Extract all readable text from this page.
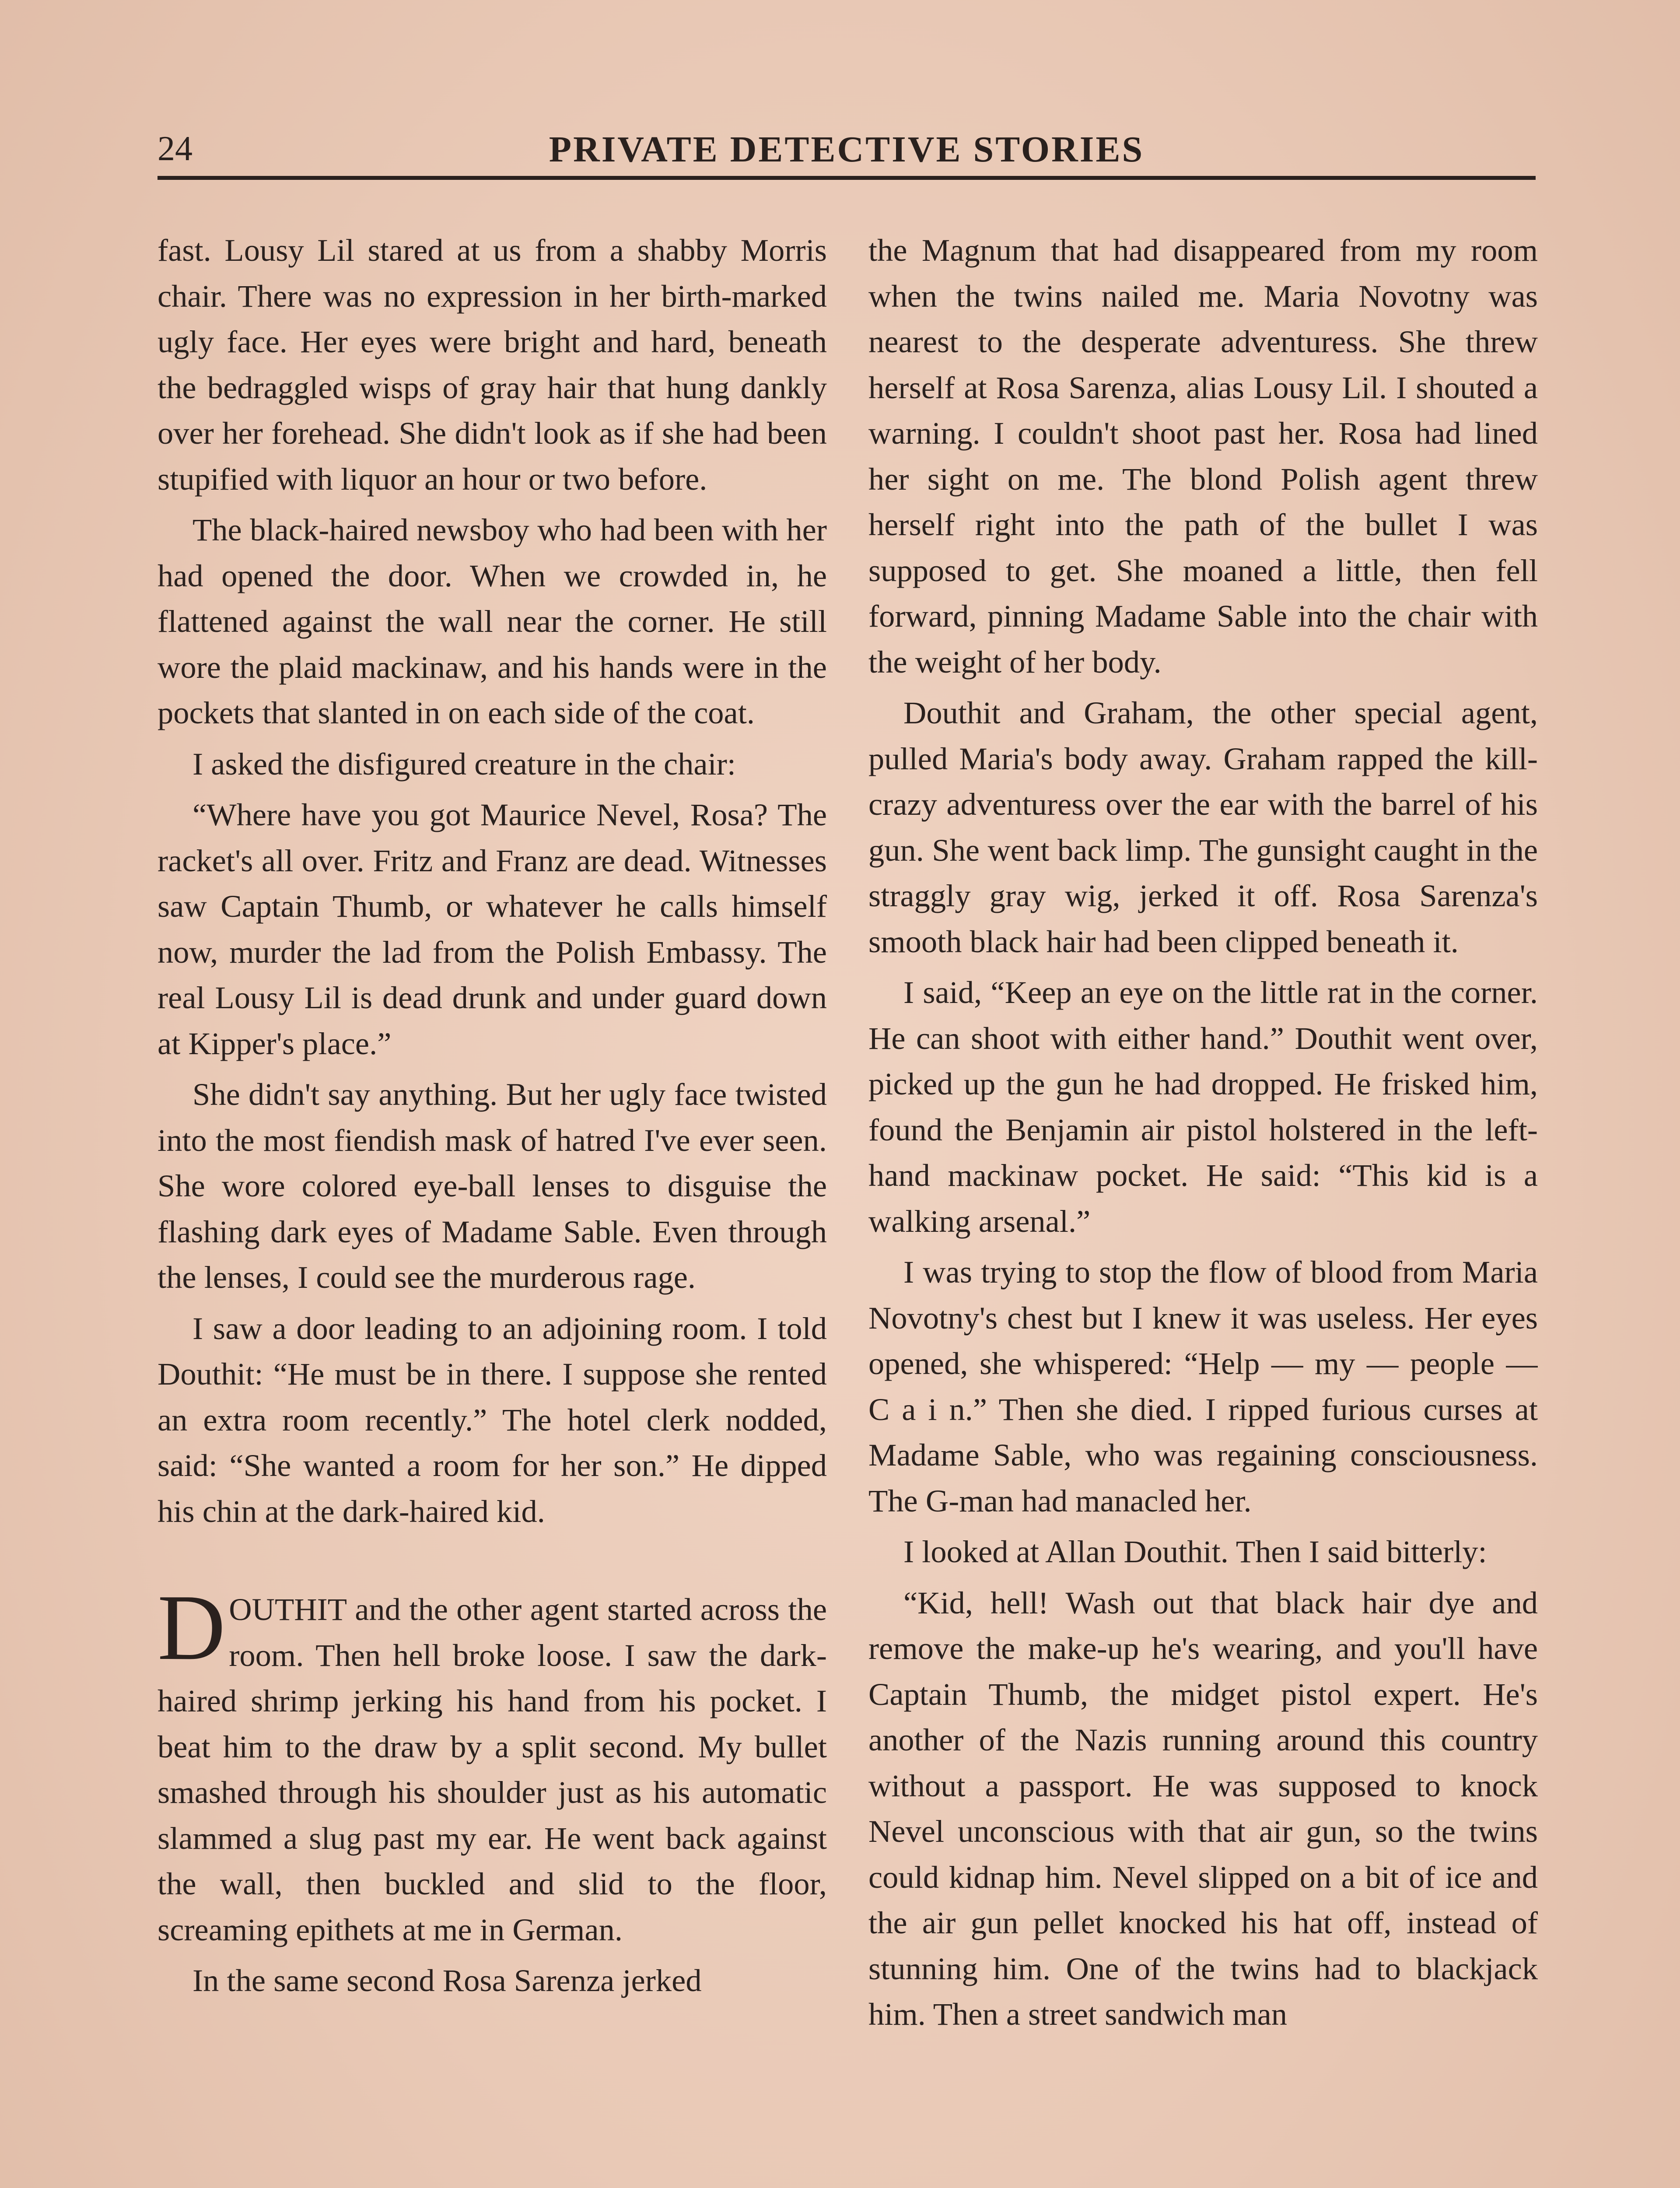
24	PRIVATE DETECTIVE STORIES

fast. Lousy Lil stared at us from a shabby Morris chair. There was no expression in her birth-marked ugly face. Her eyes were bright and hard, beneath the bedraggled wisps of gray hair that hung dankly over her forehead. She didn't look as if she had been stupified with liquor an hour or two before.

The black-haired newsboy who had been with her had opened the door. When we crowded in, he flattened against the wall near the corner. He still wore the plaid mackinaw, and his hands were in the pockets that slanted in on each side of the coat.

I asked the disfigured creature in the chair:

“Where have you got Maurice Nevel, Rosa? The racket's all over. Fritz and Franz are dead. Witnesses saw Captain Thumb, or whatever he calls himself now, murder the lad from the Polish Embassy. The real Lousy Lil is dead drunk and under guard down at Kipper's place.”

She didn't say anything. But her ugly face twisted into the most fiendish mask of hatred I've ever seen. She wore colored eye-ball lenses to disguise the flashing dark eyes of Madame Sable. Even through the lenses, I could see the murderous rage.

I saw a door leading to an adjoining room. I told Douthit: “He must be in there. I suppose she rented an extra room recently.” The hotel clerk nodded, said: “She wanted a room for her son.” He dipped his chin at the dark-haired kid.

DOUTHIT and the other agent started across the room. Then hell broke loose. I saw the dark-haired shrimp jerking his hand from his pocket. I beat him to the draw by a split second. My bullet smashed through his shoulder just as his automatic slammed a slug past my ear. He went back against the wall, then buckled and slid to the floor, screaming epithets at me in German.

In the same second Rosa Sarenza jerked

the Magnum that had disappeared from my room when the twins nailed me. Maria Novotny was nearest to the desperate adventuress. She threw herself at Rosa Sarenza, alias Lousy Lil. I shouted a warning. I couldn't shoot past her. Rosa had lined her sight on me. The blond Polish agent threw herself right into the path of the bullet I was supposed to get. She moaned a little, then fell forward, pinning Madame Sable into the chair with the weight of her body.

Douthit and Graham, the other special agent, pulled Maria's body away. Graham rapped the kill-crazy adventuress over the ear with the barrel of his gun. She went back limp. The gunsight caught in the straggly gray wig, jerked it off. Rosa Sarenza's smooth black hair had been clipped beneath it.

I said, “Keep an eye on the little rat in the corner. He can shoot with either hand.” Douthit went over, picked up the gun he had dropped. He frisked him, found the Benjamin air pistol holstered in the left-hand mackinaw pocket. He said: “This kid is a walking arsenal.”

I was trying to stop the flow of blood from Maria Novotny's chest but I knew it was useless. Her eyes opened, she whispered: “Help — my — people — C a i n.” Then she died. I ripped furious curses at Madame Sable, who was regaining consciousness. The G-man had manacled her.

I looked at Allan Douthit. Then I said bitterly:

“Kid, hell! Wash out that black hair dye and remove the make-up he's wearing, and you'll have Captain Thumb, the midget pistol expert. He's another of the Nazis running around this country without a passport. He was supposed to knock Nevel unconscious with that air gun, so the twins could kidnap him. Nevel slipped on a bit of ice and the air gun pellet knocked his hat off, instead of stunning him. One of the twins had to blackjack him. Then a street sandwich man
